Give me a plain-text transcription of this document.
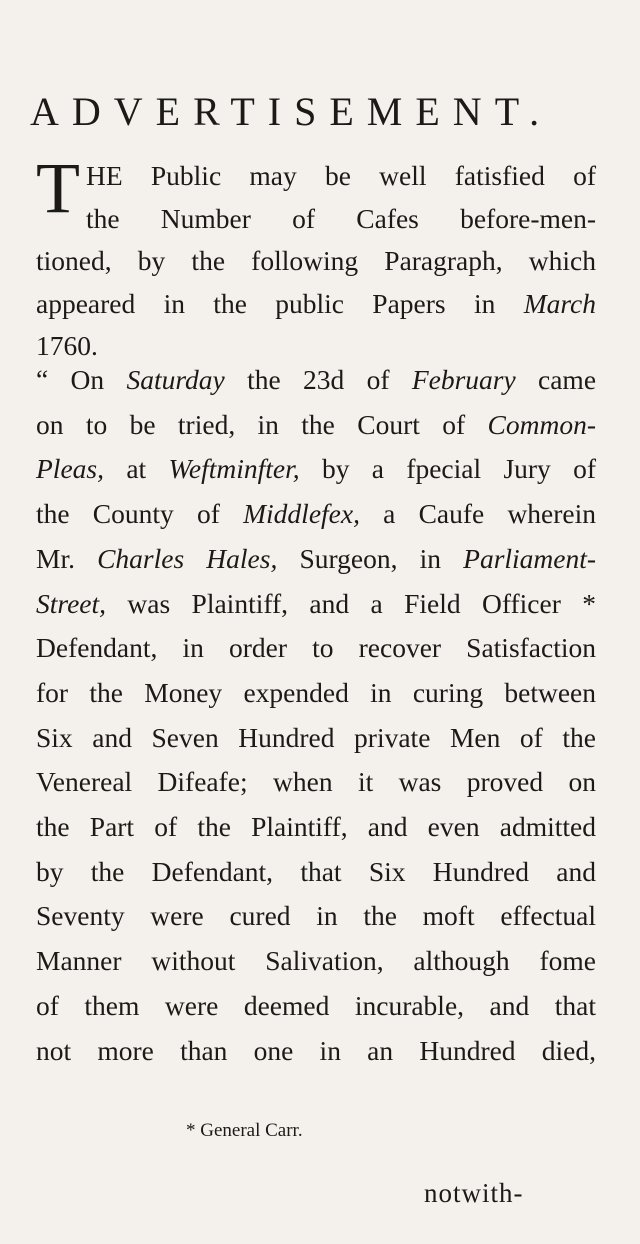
ADVERTISEMENT.

T HE Public may be well fatisfied of
the Number of Cafes before-men-
tioned, by the following Paragraph, which
appeared in the public Papers in March
1760.

“ On Saturday the 23d of February came
on to be tried, in the Court of Common-
Pleas, at Weftminfter, by a fpecial Jury of
the County of Middlefex, a Caufe wherein
Mr. Charles Hales, Surgeon, in Parliament-
Street, was Plaintiff, and a Field Officer *
Defendant, in order to recover Satisfaction
for the Money expended in curing between
Six and Seven Hundred private Men of the
Venereal Difeafe; when it was proved on
the Part of the Plaintiff, and even admitted
by the Defendant, that Six Hundred and
Seventy were cured in the moft effectual
Manner without Salivation, although fome
of them were deemed incurable, and that
not more than one in an Hundred died,
* General Carr.
notwith-
